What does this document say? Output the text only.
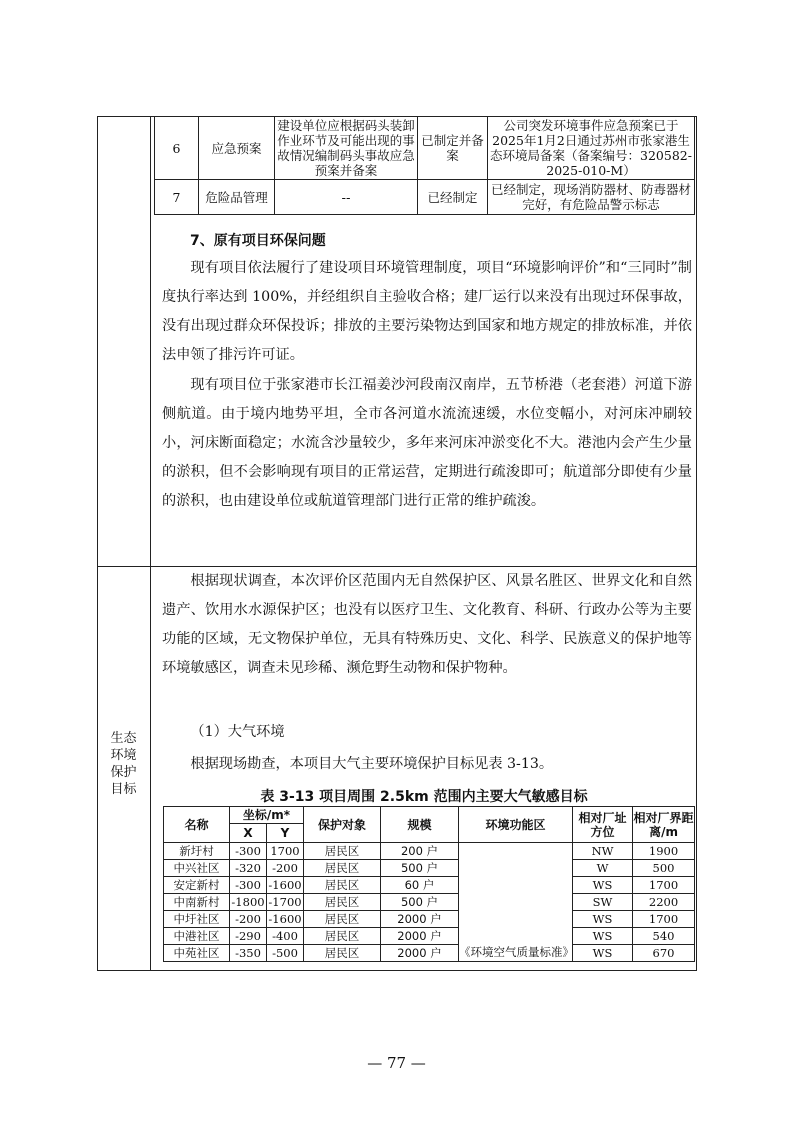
生态
环境
保护
目标
6	应急预案	建设单位应根据码头装卸作业环节及可能出现的事故情况编制码头事故应急预案并备案	已制定并备案	公司突发环境事件应急预案已于2025年1月2日通过苏州市张家港生态环境局备案（备案编号：320582-2025-010-M）
7	危险品管理	--	已经制定	已经制定，现场消防器材、防毒器材完好，有危险品警示标志
7、原有项目环保问题

现有项目依法履行了建设项目环境管理制度，项目“环境影响评价”和“三同时”制度执行率达到 100%，并经组织自主验收合格；建厂运行以来没有出现过环保事故，没有出现过群众环保投诉；排放的主要污染物达到国家和地方规定的排放标准，并依法申领了排污许可证。

现有项目位于张家港市长江福姜沙河段南汉南岸，五节桥港（老套港）河道下游侧航道。由于境内地势平坦，全市各河道水流流速缓，水位变幅小，对河床冲刷较小，河床断面稳定；水流含沙量较少，多年来河床冲淤变化不大。港池内会产生少量的淤积，但不会影响现有项目的正常运营，定期进行疏浚即可；航道部分即使有少量的淤积，也由建设单位或航道管理部门进行正常的维护疏浚。

根据现状调查，本次评价区范围内无自然保护区、风景名胜区、世界文化和自然遗产、饮用水水源保护区；也没有以医疗卫生、文化教育、科研、行政办公等为主要功能的区域，无文物保护单位，无具有特殊历史、文化、科学、民族意义的保护地等环境敏感区，调查未见珍稀、濒危野生动物和保护物种。

（1）大气环境

根据现场勘查，本项目大气主要环境保护目标见表 3-13。

表 3-13 项目周围 2.5km 范围内主要大气敏感目标
名称	坐标/m*		保护对象	规模	环境功能区	相对厂址方位	相对厂界距离/m
	X	Y					
新圩村	-300	1700	居民区	200 户	《环境空气质量标准》	NW	1900
中兴社区	-320	-200	居民区	500 户		W	500
安定新村	-300	-1600	居民区	60 户		WS	1700
中南新村	-1800	-1700	居民区	500 户		SW	2200
中圩社区	-200	-1600	居民区	2000 户		WS	1700
中港社区	-290	-400	居民区	2000 户		WS	540
中苑社区	-350	-500	居民区	2000 户		WS	670
— 77 —
